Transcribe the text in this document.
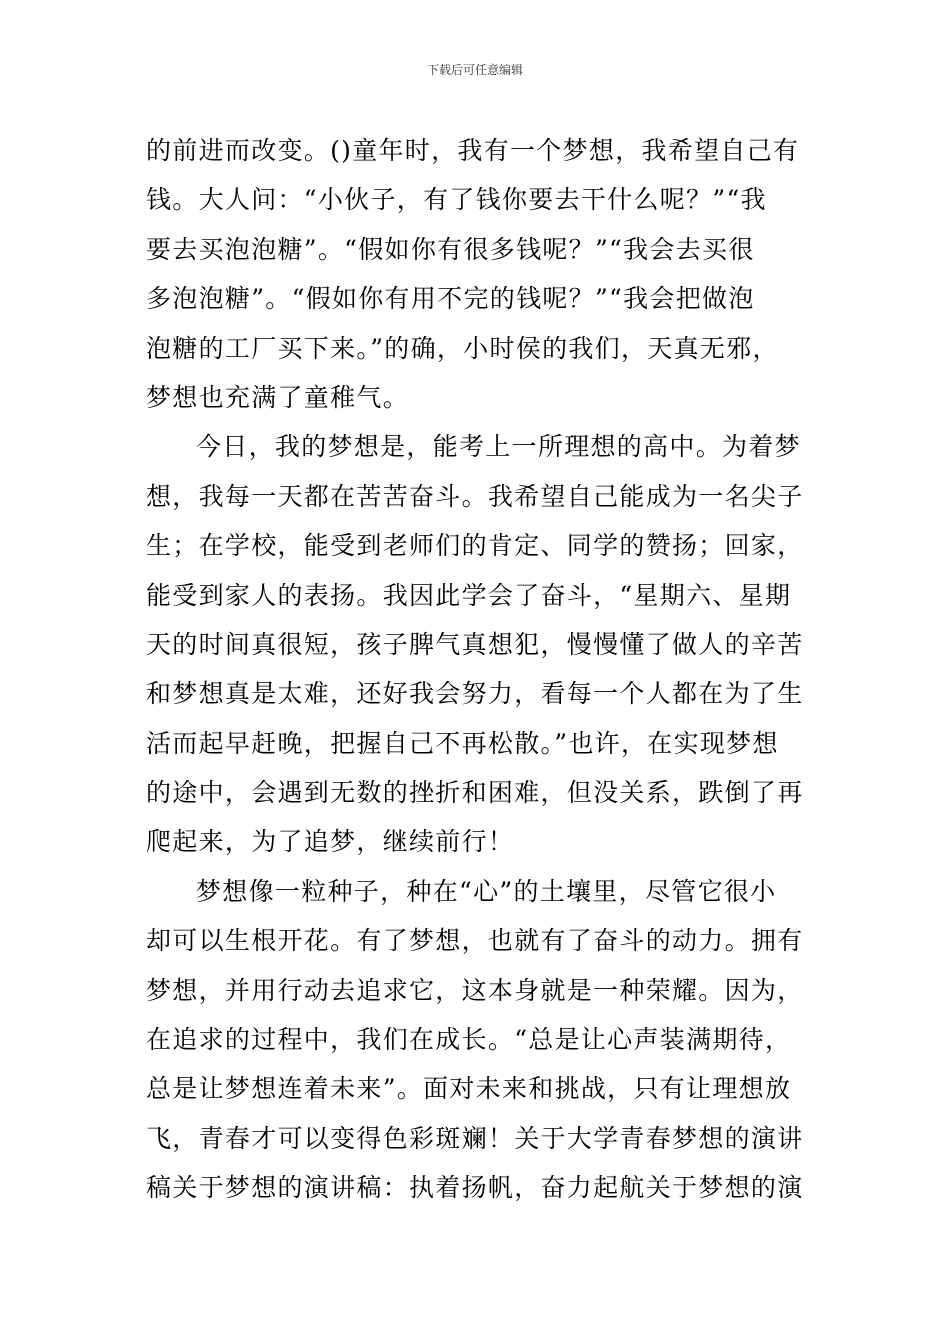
下载后可任意编辑
的前进而改变。()童年时，我有一个梦想，我希望自己有
钱。大人问：“小伙子，有了钱你要去干什么呢？”“我
要去买泡泡糖”。“假如你有很多钱呢？”“我会去买很
多泡泡糖”。“假如你有用不完的钱呢？”“我会把做泡
泡糖的工厂买下来。”的确，小时侯的我们，天真无邪，
梦想也充满了童稚气。
今日，我的梦想是，能考上一所理想的高中。为着梦
想，我每一天都在苦苦奋斗。我希望自己能成为一名尖子
生；在学校，能受到老师们的肯定、同学的赞扬；回家，
能受到家人的表扬。我因此学会了奋斗，“星期六、星期
天的时间真很短，孩子脾气真想犯，慢慢懂了做人的辛苦
和梦想真是太难，还好我会努力，看每一个人都在为了生
活而起早赶晚，把握自己不再松散。”也许，在实现梦想
的途中，会遇到无数的挫折和困难，但没关系，跌倒了再
爬起来，为了追梦，继续前行！
梦想像一粒种子，种在“心”的土壤里，尽管它很小
却可以生根开花。有了梦想，也就有了奋斗的动力。拥有
梦想，并用行动去追求它，这本身就是一种荣耀。因为，
在追求的过程中，我们在成长。“总是让心声装满期待，
总是让梦想连着未来”。面对未来和挑战，只有让理想放
飞，青春才可以变得色彩斑斓！关于大学青春梦想的演讲
稿关于梦想的演讲稿：执着扬帆，奋力起航关于梦想的演
